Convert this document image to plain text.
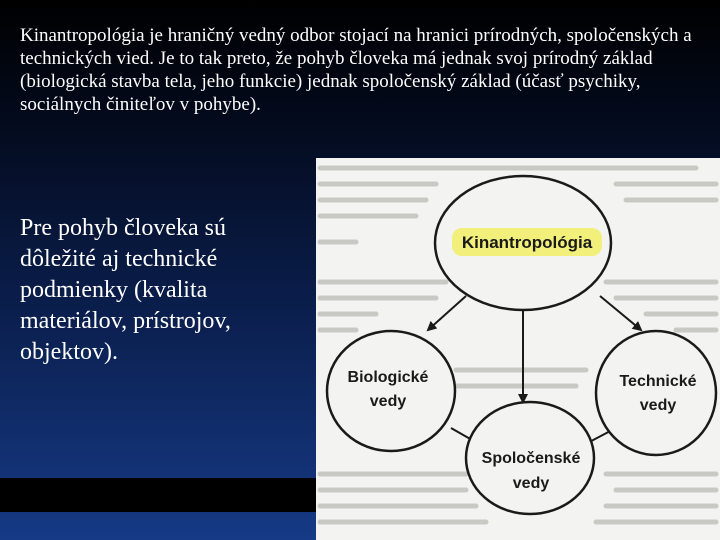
Kinantropológia je hraničný vedný odbor stojací na hranici prírodných, spoločenských a technických vied. Je to tak preto, že pohyb človeka má jednak svoj prírodný základ (biologická stavba tela, jeho funkcie) jednak spoločenský základ (účasť psychiky, sociálnych činiteľov v pohybe).

Pre pohyb človeka sú dôležité aj technické podmienky (kvalita materiálov, prístrojov, objektov).

Kinantropológia
Biologické
vedy
Technické
vedy
Spoločenské
vedy
